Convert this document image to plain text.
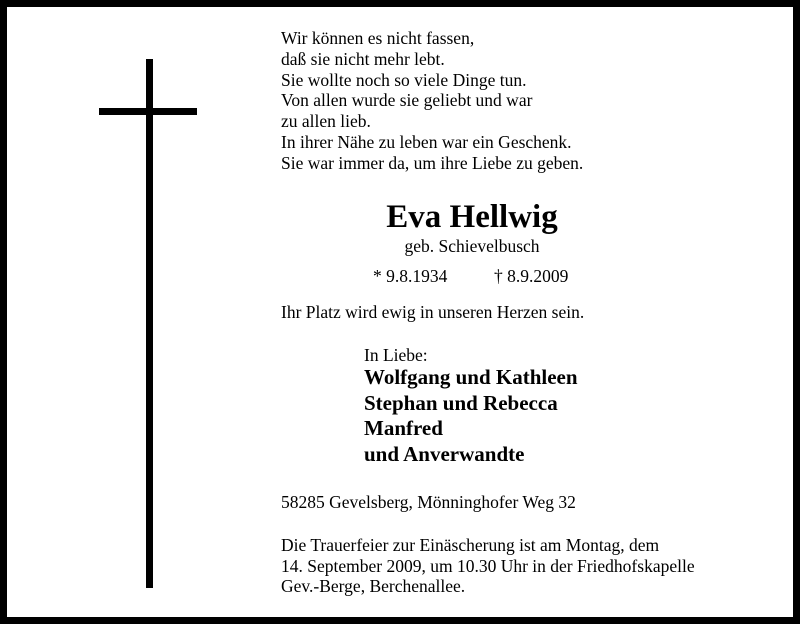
Wir können es nicht fassen,
daß sie nicht mehr lebt.
Sie wollte noch so viele Dinge tun.
Von allen wurde sie geliebt und war
zu allen lieb.
In ihrer Nähe zu leben war ein Geschenk.
Sie war immer da, um ihre Liebe zu geben.
Eva Hellwig
geb. Schievelbusch
* 9.8.1934	† 8.9.2009
Ihr Platz wird ewig in unseren Herzen sein.
In Liebe:
Wolfgang und Kathleen
Stephan und Rebecca
Manfred
und Anverwandte
58285 Gevelsberg, Mönninghofer Weg 32
Die Trauerfeier zur Einäscherung ist am Montag, dem
14. September 2009, um 10.30 Uhr in der Friedhofskapelle
Gev.-Berge, Berchenallee.
